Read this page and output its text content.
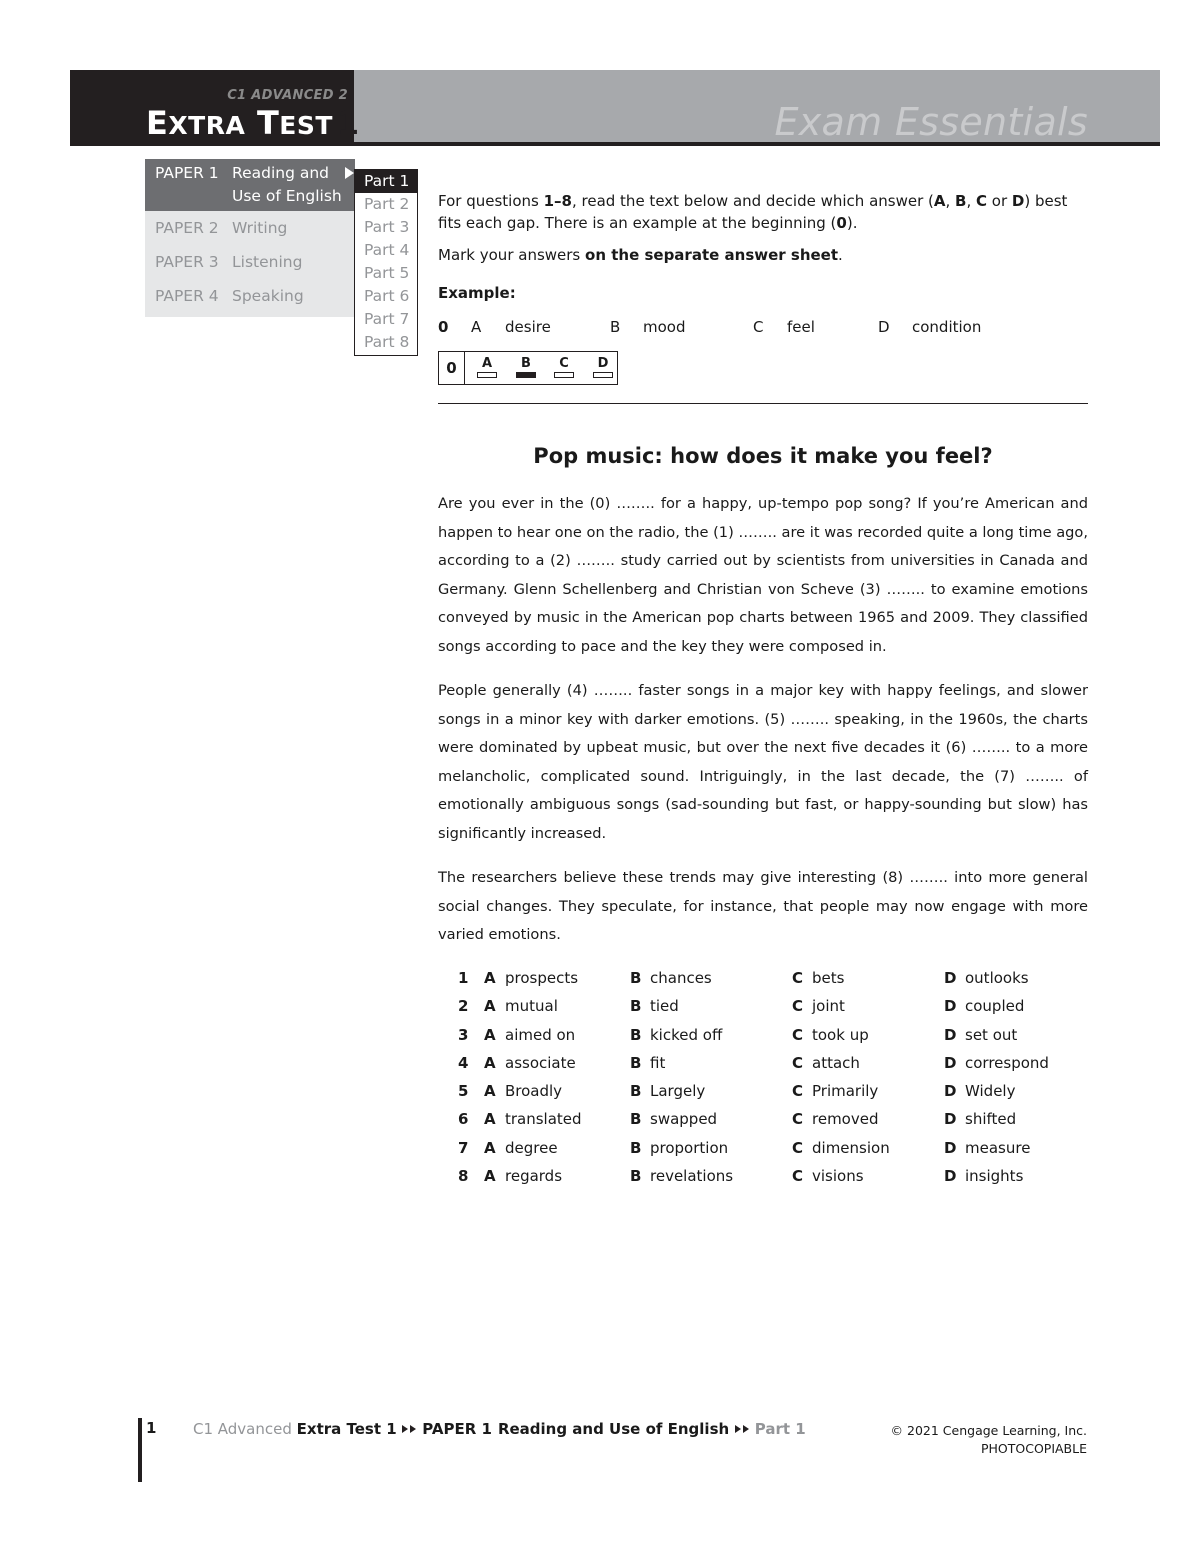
C1 ADVANCED 2
EXTRA TEST 1	Exam Essentials
PAPER 1 Reading and Use of English
PAPER 2 Writing
PAPER 3 Listening
PAPER 4 Speaking
Part 1
Part 2
Part 3
Part 4
Part 5
Part 6
Part 7
Part 8

For questions 1–8, read the text below and decide which answer (A, B, C or D) best fits each gap. There is an example at the beginning (0).

Mark your answers on the separate answer sheet.

Example:

0 A desire	B mood	C feel	D condition
0	A	B	C	D
Pop music: how does it make you feel?

Are you ever in the (0) …….. for a happy, up-tempo pop song? If you’re American and happen to hear one on the radio, the (1) …….. are it was recorded quite a long time ago, according to a (2) …….. study carried out by scientists from universities in Canada and Germany. Glenn Schellenberg and Christian von Scheve (3) …….. to examine emotions conveyed by music in the American pop charts between 1965 and 2009. They classified songs according to pace and the key they were composed in.

People generally (4) …….. faster songs in a major key with happy feelings, and slower songs in a minor key with darker emotions. (5) …….. speaking, in the 1960s, the charts were dominated by upbeat music, but over the next five decades it (6) …….. to a more melancholic, complicated sound. Intriguingly, in the last decade, the (7) …….. of emotionally ambiguous songs (sad-sounding but fast, or happy-sounding but slow) has significantly increased.

The researchers believe these trends may give interesting (8) …….. into more general social changes. They speculate, for instance, that people may now engage with more varied emotions.

1 A prospects	B chances	C bets	D outlooks
2 A mutual	B tied	C joint	D coupled
3 A aimed on	B kicked off	C took up	D set out
4 A associate	B fit	C attach	D correspond
5 A Broadly	B Largely	C Primarily	D Widely
6 A translated	B swapped	C removed	D shifted
7 A degree	B proportion	C dimension	D measure
8 A regards	B revelations	C visions	D insights
1 C1 Advanced Extra Test 1 PAPER 1 Reading and Use of English Part 1	© 2021 Cengage Learning, Inc.
PHOTOCOPIABLE
